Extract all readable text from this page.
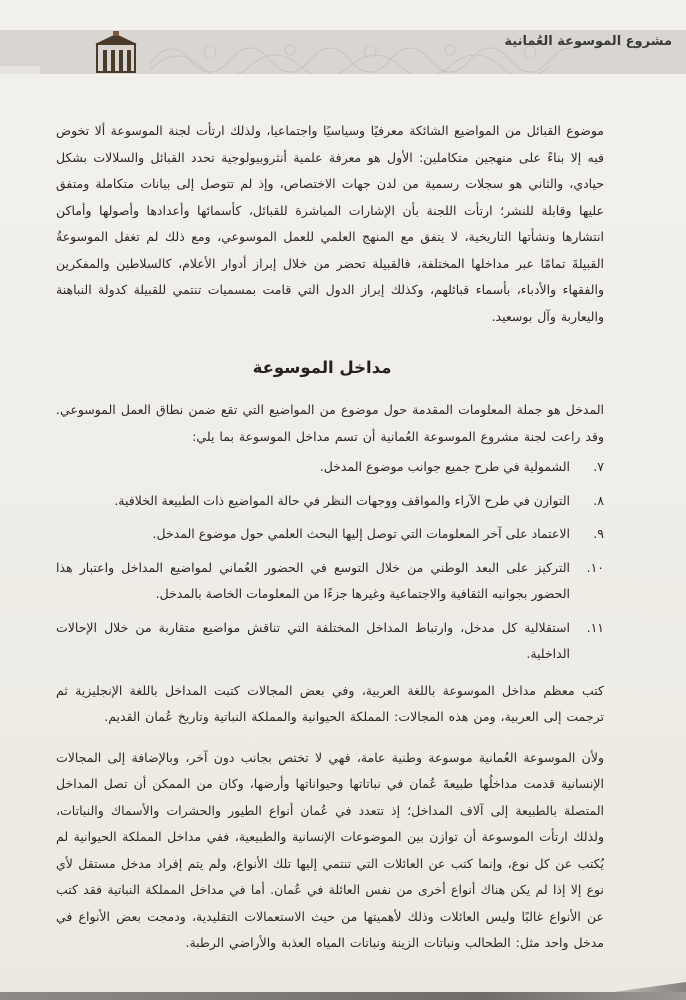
مشروع الموسوعة العُمانية

موضوع القبائل من المواضيع الشائكة معرفيًا وسياسيًا واجتماعيا، ولذلك ارتأت لجنة الموسوعة ألا تخوض فيه إلا بناءً على منهجين متكاملين: الأول هو معرفة علمية أنثروبيولوجية تحدد القبائل والسلالات بشكل حيادي، والثاني هو سجلات رسمية من لدن جهات الاختصاص، وإذ لم تتوصل إلى بيانات متكاملة ومتفق عليها وقابلة للنشر؛ ارتأت اللجنة بأن الإشارات المباشرة للقبائل، كأسمائها وأعدادها وأصولها وأماكن انتشارها ونشأتها التاريخية، لا يتفق مع المنهج العلمي للعمل الموسوعي، ومع ذلك لم تغفل الموسوعةُ القبيلةَ تمامًا عبر مداخلها المختلفة، فالقبيلة تحضر من خلال إبراز أدوار الأعلام، كالسلاطين والمفكرين والفقهاء والأدباء، بأسماء قبائلهم، وكذلك إبراز الدول التي قامت بمسميات تنتمي للقبيلة كدولة النباهنة واليعاربة وآل بوسعيد.

مداخل الموسوعة

المدخل هو جملة المعلومات المقدمة حول موضوع من المواضيع التي تقع ضمن نطاق العمل الموسوعي. وقد راعت لجنة مشروع الموسوعة العُمانية أن تسم مداخل الموسوعة بما يلي:

٧.
الشمولية في طرح جميع جوانب موضوع المدخل.
٨.
التوازن في طرح الآراء والمواقف ووجهات النظر في حالة المواضيع ذات الطبيعة الخلافية.
٩.
الاعتماد على آخر المعلومات التي توصل إليها البحث العلمي حول موضوع المدخل.
١٠.
التركيز على البعد الوطني من خلال التوسع في الحضور العُماني لمواضيع المداخل واعتبار هذا الحضور بجوانبه الثقافية والاجتماعية وغيرها جزءًا من المعلومات الخاصة بالمدخل.
١١.
استقلالية كل مدخل، وارتباط المداخل المختلفة التي تناقش مواضيع متقاربة من خلال الإحالات الداخلية.

كتب معظم مداخل الموسوعة باللغة العربية، وفي بعض المجالات كتبت المداخل باللغة الإنجليزية ثم ترجمت إلى العربية، ومن هذه المجالات: المملكة الحيوانية والمملكة النباتية وتاريخ عُمان القديم.

ولأن الموسوعة العُمانية موسوعة وطنية عامة، فهي لا تختص بجانب دون آخر، وبالإضافة إلى المجالات الإنسانية قدمت مداخلُها طبيعةَ عُمان في نباتاتها وحيواناتها وأرضها، وكان من الممكن أن تصل المداخل المتصلة بالطبيعة إلى آلاف المداخل؛ إذ تتعدد في عُمان أنواع الطيور والحشرات والأسماك والنباتات، ولذلك ارتأت الموسوعة أن توازن بين الموضوعات الإنسانية والطبيعية، ففي مداخل المملكة الحيوانية لم يُكتب عن كل نوع، وإنما كتب عن العائلات التي تنتمي إليها تلك الأنواع، ولم يتم إفراد مدخل مستقل لأي نوع إلا إذا لم يكن هناك أنواع أخرى من نفس العائلة في عُمان. أما في مداخل المملكة النباتية فقد كتب عن الأنواع غالبًا وليس العائلات وذلك لأهميتها من حيث الاستعمالات التقليدية، ودمجت بعض الأنواع في مدخل واحد مثل: الطحالب ونباتات الزينة ونباتات المياه العذبة والأراضي الرطبة.
